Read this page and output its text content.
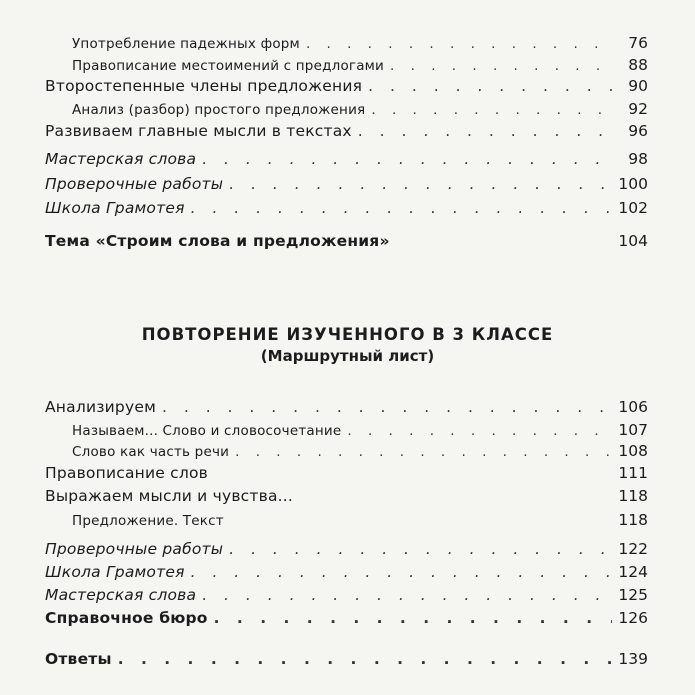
Употребление падежных форм . . .	76
Правописание местоимений с предлогами . . .	88
Второстепенные члены предложения . . .	90
Анализ (разбор) простого предложения . . .	92
Развиваем главные мысли в текстах . . .	96
Мастерская слова . . .	98
Проверочные работы . . .	100
Школа Грамотея . . .	102
Тема «Строим слова и предложения»	104
ПОВТОРЕНИЕ ИЗУЧЕННОГО В 3 КЛАССЕ
(Маршрутный лист)
Анализируем . . .	106
Называем... Слово и словосочетание . . .	107
Слово как часть речи . . .	108
Правописание слов	111
Выражаем мысли и чувства...	118
Предложение. Текст	118
Проверочные работы . . .	122
Школа Грамотея . . .	124
Мастерская слова . . .	125
Справочное бюро . . .	126
Ответы . . .	139
